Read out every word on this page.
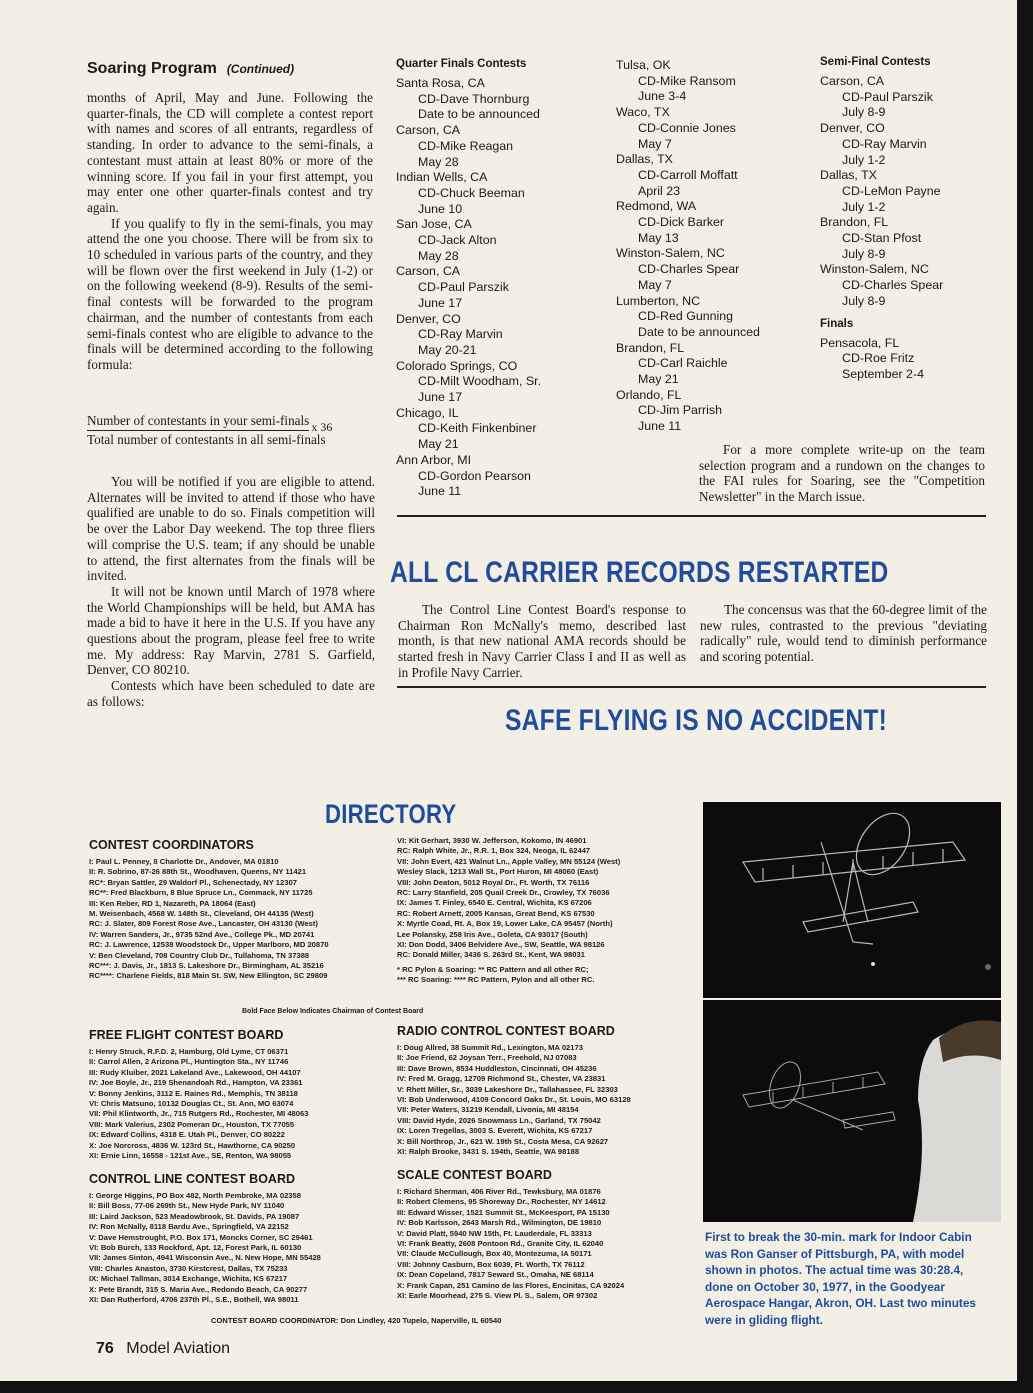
Soaring Program (Continued)

months of April, May and June. Following the quarter-finals, the CD will complete a contest report with names and scores of all entrants, regardless of standing. In order to advance to the semi-finals, a contestant must attain at least 80% or more of the winning score. If you fail in your first attempt, you may enter one other quarter-finals contest and try again.

If you qualify to fly in the semi-finals, you may attend the one you choose. There will be from six to 10 scheduled in various parts of the country, and they will be flown over the first weekend in July (1-2) or on the following weekend (8-9). Results of the semi-final contests will be forwarded to the program chairman, and the number of contestants from each semi-finals contest who are eligible to advance to the finals will be determined according to the following formula:

Number of contestants in your semi-finals x 36
Total number of contestants in all semi-finals

You will be notified if you are eligible to attend. Alternates will be invited to attend if those who have qualified are unable to do so. Finals competition will be over the Labor Day weekend. The top three fliers will comprise the U.S. team; if any should be unable to attend, the first alternates from the finals will be invited.

It will not be known until March of 1978 where the World Championships will be held, but AMA has made a bid to have it here in the U.S. If you have any questions about the program, please feel free to write me. My address: Ray Marvin, 2781 S. Garfield, Denver, CO 80210.

Contests which have been scheduled to date are as follows:

Quarter Finals Contests
Santa Rosa, CA
CD-Dave Thornburg
Date to be announced
Carson, CA
CD-Mike Reagan
May 28
Indian Wells, CA
CD-Chuck Beeman
June 10
San Jose, CA
CD-Jack Alton
May 28
Carson, CA
CD-Paul Parszik
June 17
Denver, CO
CD-Ray Marvin
May 20-21
Colorado Springs, CO
CD-Milt Woodham, Sr.
June 17
Chicago, IL
CD-Keith Finkenbiner
May 21
Ann Arbor, MI
CD-Gordon Pearson
June 11
Tulsa, OK
CD-Mike Ransom
June 3-4
Waco, TX
CD-Connie Jones
May 7
Dallas, TX
CD-Carroll Moffatt
April 23
Redmond, WA
CD-Dick Barker
May 13
Winston-Salem, NC
CD-Charles Spear
May 7
Lumberton, NC
CD-Red Gunning
Date to be announced
Brandon, FL
CD-Carl Raichle
May 21
Orlando, FL
CD-Jim Parrish
June 11
Semi-Final Contests
Carson, CA
CD-Paul Parszik
July 8-9
Denver, CO
CD-Ray Marvin
July 1-2
Dallas, TX
CD-LeMon Payne
July 1-2
Brandon, FL
CD-Stan Pfost
July 8-9
Winston-Salem, NC
CD-Charles Spear
July 8-9
Finals
Pensacola, FL
CD-Roe Fritz
September 2-4
For a more complete write-up on the team selection program and a rundown on the changes to the FAI rules for Soaring, see the "Competition Newsletter" in the March issue.
ALL CL CARRIER RECORDS RESTARTED
The Control Line Contest Board's response to Chairman Ron McNally's memo, described last month, is that new national AMA records should be started fresh in Navy Carrier Class I and II as well as in Profile Navy Carrier.
The concensus was that the 60-degree limit of the new rules, contrasted to the previous "deviating radically" rule, would tend to diminish performance and scoring potential.
SAFE FLYING IS NO ACCIDENT!
DIRECTORY
CONTEST COORDINATORS
I: Paul L. Penney, 8 Charlotte Dr., Andover, MA 01810
II: R. Sobrino, 87-26 88th St., Woodhaven, Queens, NY 11421
RC*: Bryan Sattler, 29 Waldorf Pl., Schenectady, NY 12307
RC**: Fred Blackburn, 8 Blue Spruce Ln., Commack, NY 11725
III: Ken Reber, RD 1, Nazareth, PA 18064 (East)
M. Weisenbach, 4568 W. 148th St., Cleveland, OH 44135 (West)
RC: J. Slater, 809 Forest Rose Ave., Lancaster, OH 43130 (West)
IV: Warren Sanders, Jr., 9735 52nd Ave., College Pk., MD 20741
RC: J. Lawrence, 12538 Woodstock Dr., Upper Marlboro, MD 20870
V: Ben Cleveland, 708 Country Club Dr., Tullahoma, TN 37388
RC***: J. Davis, Jr., 1813 S. Lakeshore Dr., Birmingham, AL 35216
RC****: Charlene Fields, 818 Main St. SW, New Ellington, SC 29809
VI: Kit Gerhart, 3930 W. Jefferson, Kokomo, IN 46901
RC: Ralph White, Jr., R.R. 1, Box 324, Neoga, IL 62447
VII: John Evert, 421 Walnut Ln., Apple Valley, MN 55124 (West)
Wesley Slack, 1213 Wall St., Port Huron, MI 48060 (East)
VIII: John Deaton, 5012 Royal Dr., Ft. Worth, TX 76116
RC: Larry Stanfield, 205 Quail Creek Dr., Crowley, TX 76036
IX: James T. Finley, 6540 E. Central, Wichita, KS 67206
RC: Robert Arnett, 2005 Kansas, Great Bend, KS 67530
X: Myrtle Coad, Rt. A, Box 19, Lower Lake, CA 95457 (North)
Lee Polansky, 258 Iris Ave., Goleta, CA 93017 (South)
XI: Don Dodd, 3406 Belvidere Ave., SW, Seattle, WA 98126
RC: Donald Miller, 3436 S. 263rd St., Kent, WA 98031
* RC Pylon & Soaring: ** RC Pattern and all other RC;
*** RC Soaring: **** RC Pattern, Pylon and all other RC.
Bold Face Below Indicates Chairman of Contest Board
FREE FLIGHT CONTEST BOARD
I: Henry Struck, R.F.D. 2, Hamburg, Old Lyme, CT 06371
II: Carrol Allen, 2 Arizona Pl., Huntington Sta., NY 11746
III: Rudy Kluiber, 2021 Lakeland Ave., Lakewood, OH 44107
IV: Joe Boyle, Jr., 219 Shenandoah Rd., Hampton, VA 23361
V: Bonny Jenkins, 3112 E. Raines Rd., Memphis, TN 38118
VI: Chris Matsuno, 10132 Douglas Ct., St. Ann, MO 63074
VII: Phil Klintworth, Jr., 715 Rutgers Rd., Rochester, MI 48063
VIII: Mark Valerius, 2302 Pomeran Dr., Houston, TX 77055
IX: Edward Collins, 4318 E. Utah Pl., Denver, CO 80222
X: Joe Norcross, 4836 W. 123rd St., Hawthorne, CA 90250
XI: Ernie Linn, 16558 - 121st Ave., SE, Renton, WA 98055
RADIO CONTROL CONTEST BOARD
I: Doug Allred, 38 Summit Rd., Lexington, MA 02173
II: Joe Friend, 62 Joysan Terr., Freehold, NJ 07083
III: Dave Brown, 8534 Huddleston, Cincinnati, OH 45236
IV: Fred M. Gragg, 12709 Richmond St., Chester, VA 23831
V: Rhett Miller, Sr., 3039 Lakeshore Dr., Tallahassee, FL 32303
VI: Bob Underwood, 4109 Concord Oaks Dr., St. Louis, MO 63128
VII: Peter Waters, 31219 Kendall, Livonia, MI 48154
VIII: David Hyde, 2026 Snowmass Ln., Garland, TX 75042
IX: Loren Tregellas, 3003 S. Everett, Wichita, KS 67217
X: Bill Northrop, Jr., 621 W. 19th St., Costa Mesa, CA 92627
XI: Ralph Brooke, 3431 S. 194th, Seattle, WA 98188
CONTROL LINE CONTEST BOARD
I: George Higgins, PO Box 482, North Pembroke, MA 02358
II: Bill Boss, 77-06 269th St., New Hyde Park, NY 11040
III: Laird Jackson, 523 Meadowbrook, St. Davids, PA 19087
IV: Ron McNally, 8118 Bardu Ave., Springfield, VA 22152
V: Dave Hemstrought, P.O. Box 171, Moncks Corner, SC 29461
VI: Bob Burch, 133 Rockford, Apt. 12, Forest Park, IL 60130
VII: James Sinton, 4941 Wisconsin Ave., N. New Hope, MN 55428
VIII: Charles Anaston, 3730 Kirstcrest, Dallas, TX 75233
IX: Michael Tallman, 3014 Exchange, Wichita, KS 67217
X: Pete Brandt, 315 S. Maria Ave., Redondo Beach, CA 90277
XI: Dan Rutherford, 4706 237th Pl., S.E., Bothell, WA 98011
SCALE CONTEST BOARD
I: Richard Sherman, 406 River Rd., Tewksbury, MA 01876
II: Robert Clemens, 95 Shoreway Dr., Rochester, NY 14612
III: Edward Wisser, 1521 Summit St., McKeesport, PA 15130
IV: Bob Karlsson, 2643 Marsh Rd., Wilmington, DE 19810
V: David Platt, 5940 NW 15th, Ft. Lauderdale, FL 33313
VI: Frank Beatty, 2608 Pontoon Rd., Granite City, IL 62040
VII: Claude McCullough, Box 40, Montezuma, IA 50171
VIII: Johnny Casburn, Box 6039, Ft. Worth, TX 76112
IX: Dean Copeland, 7817 Seward St., Omaha, NE 68114
X: Frank Capan, 251 Camino de las Flores, Encinitas, CA 92024
XI: Earle Moorhead, 275 S. View Pl. S., Salem, OR 97302
CONTEST BOARD COORDINATOR: Don Lindley, 420 Tupelo, Naperville, IL 60540
First to break the 30-min. mark for Indoor Cabin was Ron Ganser of Pittsburgh, PA, with model shown in photos. The actual time was 30:28.4, done on October 30, 1977, in the Goodyear Aerospace Hangar, Akron, OH. Last two minutes were in gliding flight.
76 Model Aviation
